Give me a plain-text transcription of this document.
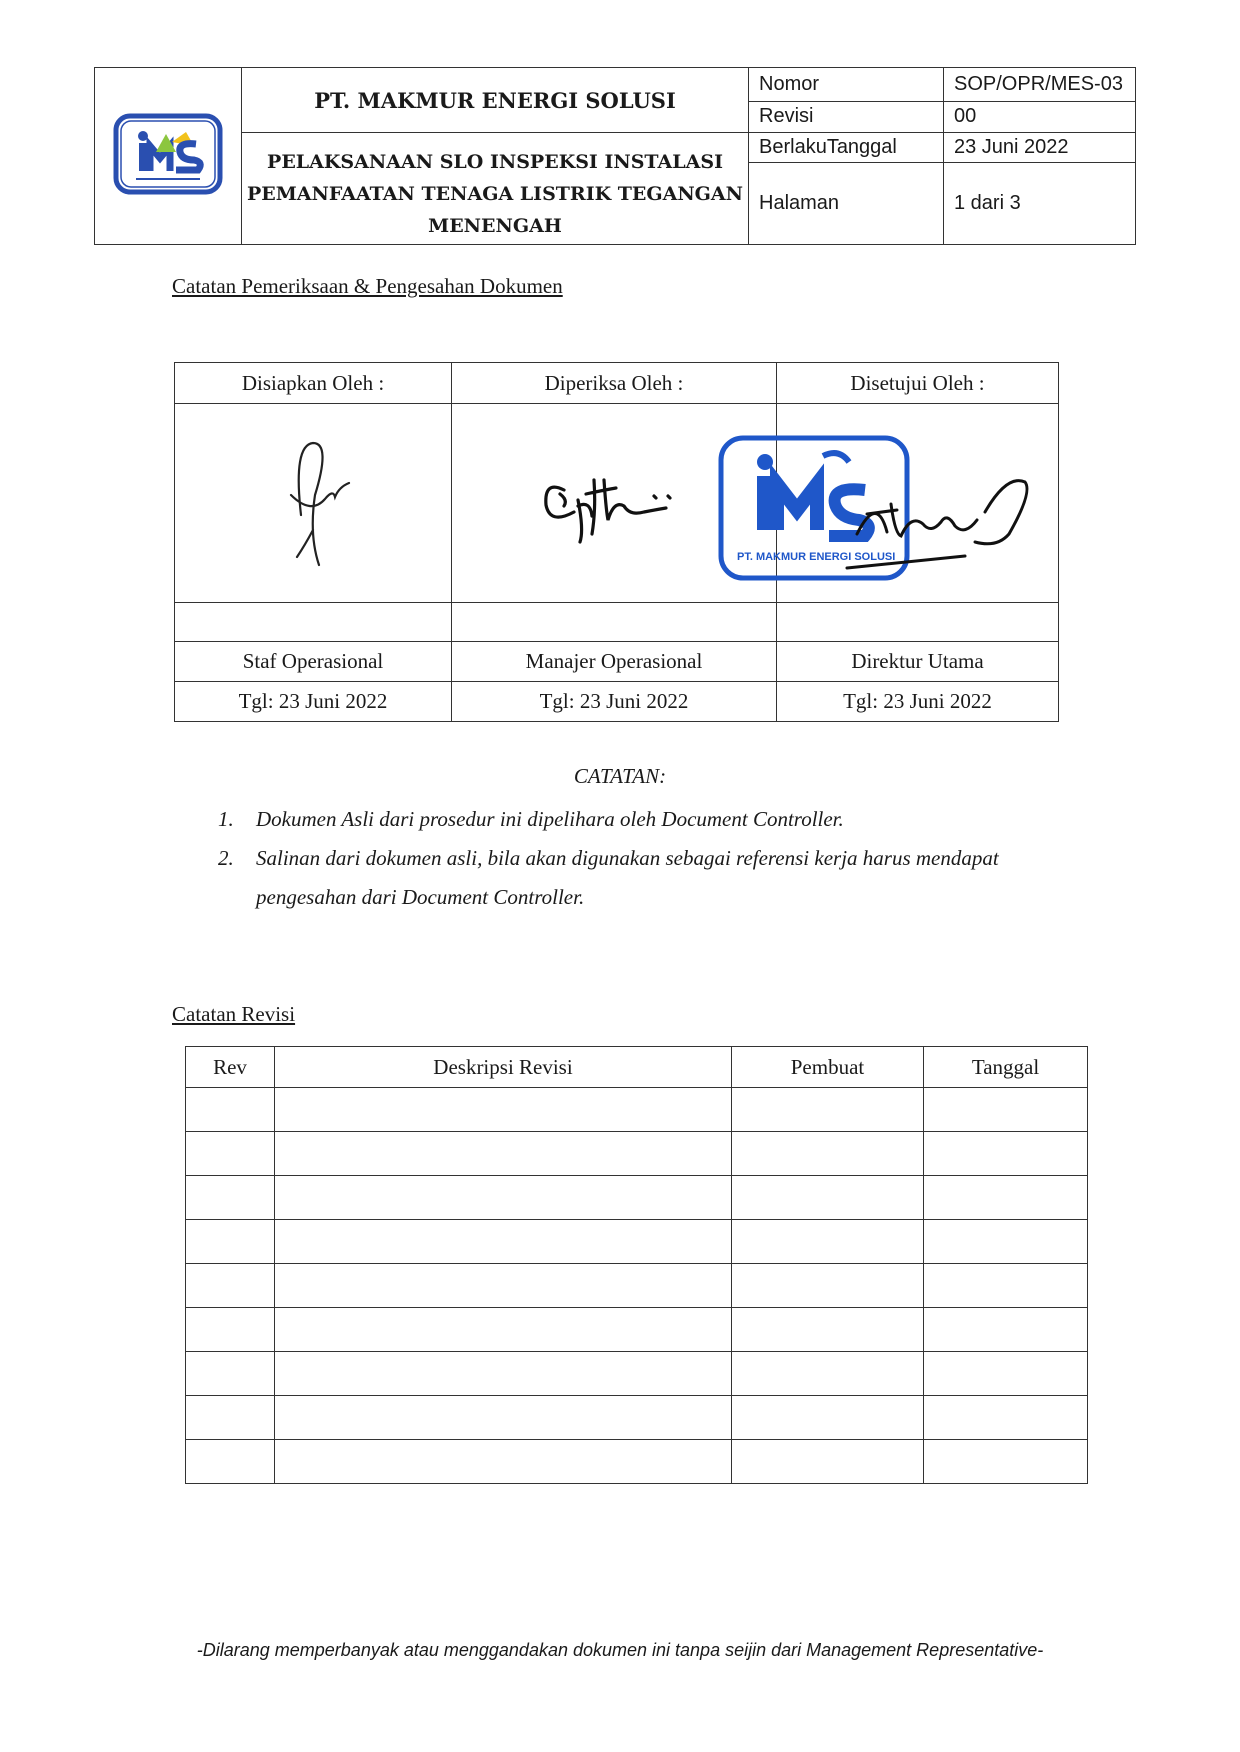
	PT. MAKMUR ENERGI SOLUSI	Nomor	SOP/OPR/MES-03
		Revisi	00

	PELAKSANAAN SLO INSPEKSI INSTALASI
PEMANFAATAN TENAGA LISTRIK TEGANGAN
MENENGAH	BerlakuTanggal	23 Juni 2022
		Halaman	1 dari 3
Catatan Pemeriksaan & Pengesahan Dokumen
Disiapkan Oleh :	Diperiksa Oleh :	Disetujui Oleh :

PT. MAKMUR ENERGI SOLUSI

Staf Operasional	Manajer Operasional	Direktur Utama
Tgl: 23 Juni 2022	Tgl: 23 Juni 2022	Tgl: 23 Juni 2022
CATATAN:
1. Dokumen Asli dari prosedur ini dipelihara oleh Document Controller.
2. Salinan dari dokumen asli, bila akan digunakan sebagai referensi kerja harus mendapat pengesahan dari Document Controller.
Catatan Revisi
Rev	Deskripsi Revisi	Pembuat	Tanggal

-Dilarang memperbanyak atau menggandakan dokumen ini tanpa seijin dari Management Representative-
